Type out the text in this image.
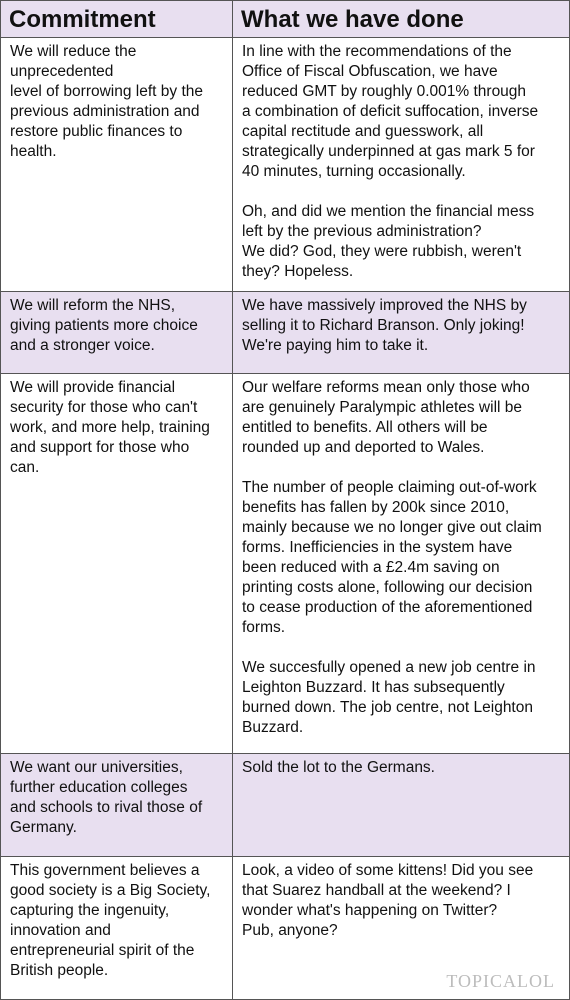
Commitment	What we have done
We will reduce the
unprecedented
level of borrowing left by the
previous administration and
restore public finances to
health.
In line with the recommendations of the
Office of Fiscal Obfuscation, we have
reduced GMT by roughly 0.001% through
a combination of deficit suffocation, inverse
capital rectitude and guesswork, all
strategically underpinned at gas mark 5 for
40 minutes, turning occasionally.
Oh, and did we mention the financial mess
left by the previous administration?
We did? God, they were rubbish, weren't
they? Hopeless.
We will reform the NHS,
giving patients more choice
and a stronger voice.
We have massively improved the NHS by
selling it to Richard Branson. Only joking!
We're paying him to take it.
We will provide financial
security for those who can't
work, and more help, training
and support for those who
can.
Our welfare reforms mean only those who
are genuinely Paralympic athletes will be
entitled to benefits. All others will be
rounded up and deported to Wales.
The number of people claiming out-of-work
benefits has fallen by 200k since 2010,
mainly because we no longer give out claim
forms. Inefficiencies in the system have
been reduced with a £2.4m saving on
printing costs alone, following our decision
to cease production of the aforementioned
forms.
We succesfully opened a new job centre in
Leighton Buzzard. It has subsequently
burned down. The job centre, not Leighton
Buzzard.
We want our universities,
further education colleges
and schools to rival those of
Germany.
Sold the lot to the Germans.
This government believes a
good society is a Big Society,
capturing the ingenuity,
innovation and
entrepreneurial spirit of the
British people.
Look, a video of some kittens! Did you see
that Suarez handball at the weekend? I
wonder what's happening on Twitter?
Pub, anyone?
TOPICALOL
